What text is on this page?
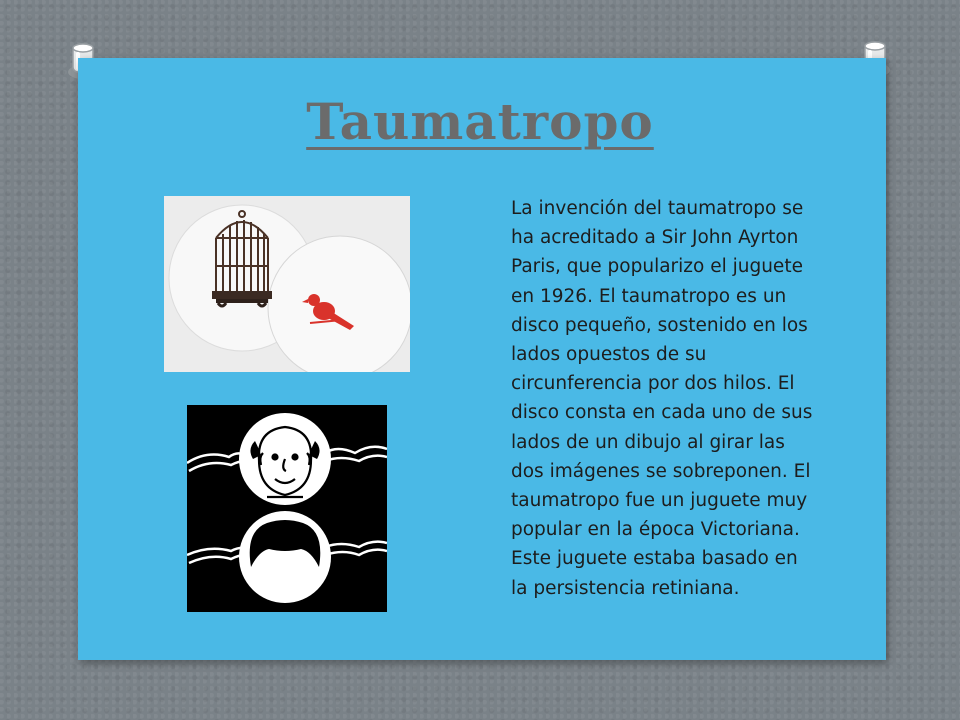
Taumatropo

La invención del taumatropo se
ha acreditado a Sir John Ayrton
Paris, que popularizo el juguete
en 1926. El taumatropo es un
disco pequeño, sostenido en los
lados opuestos de su
circunferencia por dos hilos. El
disco consta en cada uno de sus
lados de un dibujo al girar las
dos imágenes se sobreponen. El
taumatropo fue un juguete muy
popular en la época Victoriana.
Este juguete estaba basado en
la persistencia retiniana.
